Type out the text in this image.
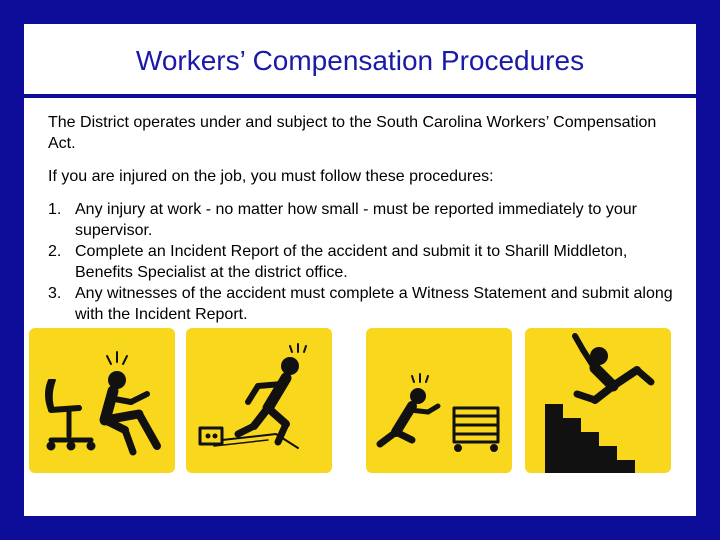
Workers’ Compensation Procedures

The District operates under and subject to the South Carolina Workers’ Compensation Act.

If you are injured on the job, you must follow these procedures:

1. Any injury at work - no matter how small - must be reported immediately to your supervisor.
2. Complete an Incident Report of the accident and submit it to Sharill Middleton, Benefits Specialist at the district office.
3. Any witnesses of the accident must complete a Witness Statement and submit along with the Incident Report.
